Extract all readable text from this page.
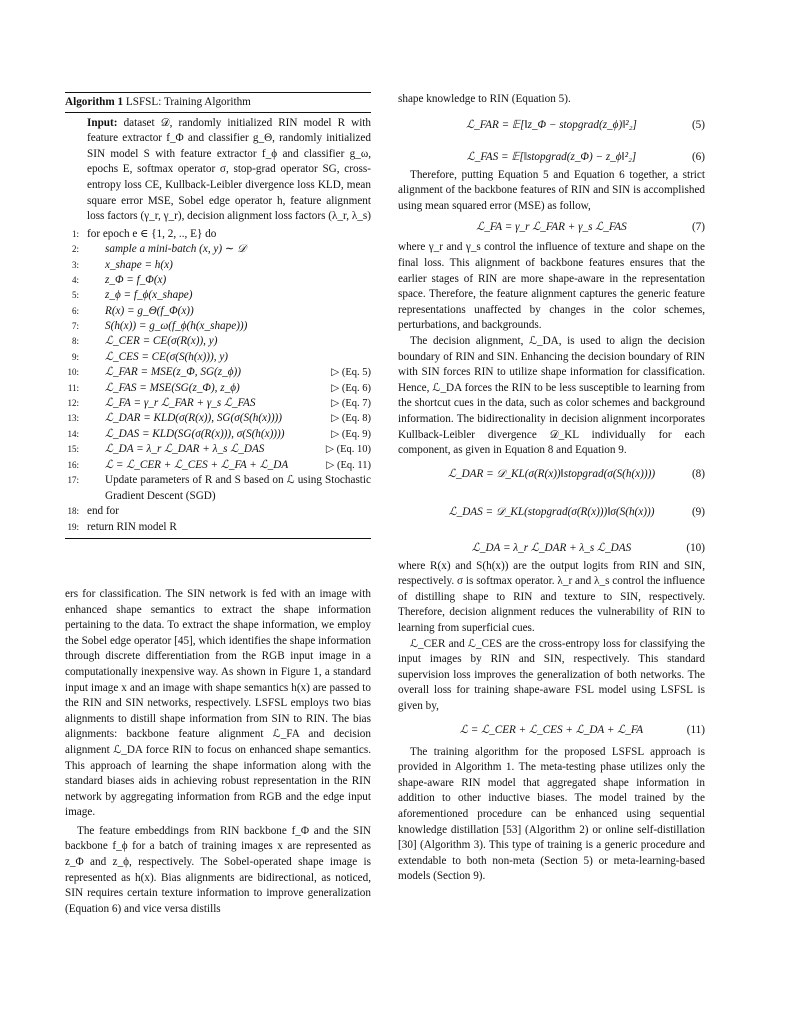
Algorithm 1 LSFSL: Training Algorithm
Input: dataset 𝒟, randomly initialized RIN model R with feature extractor f_Φ and classifier g_Θ, randomly initialized SIN model S with feature extractor f_ϕ and classifier g_ω, epochs E, softmax operator σ, stop-grad operator SG, cross-entropy loss CE, Kullback-Leibler divergence loss KLD, mean square error MSE, Sobel edge operator h, feature alignment loss factors (γ_r, γ_r), decision alignment loss factors (λ_r, λ_s)
1: for epoch e ∈ {1, 2, .., E} do
2: sample a mini-batch (x, y) ∼ 𝒟
3: x_shape = h(x)
4: z_Φ = f_Φ(x)
5: z_ϕ = f_ϕ(x_shape)
6: R(x) = g_Θ(f_Φ(x))
7: S(h(x)) = g_ω(f_ϕ(h(x_shape)))
8: ℒ_CER = CE(σ(R(x)), y)
9: ℒ_CES = CE(σ(S(h(x))), y)
10: ℒ_FAR = MSE(z_Φ, SG(z_ϕ))	▷ (Eq. 5)
11: ℒ_FAS = MSE(SG(z_Φ), z_ϕ)	▷ (Eq. 6)
12: ℒ_FA = γ_r ℒ_FAR + γ_s ℒ_FAS	▷ (Eq. 7)
13: ℒ_DAR = KLD(σ(R(x)), SG(σ(S(h(x))))	▷ (Eq. 8)
14: ℒ_DAS = KLD(SG(σ(R(x))), σ(S(h(x))))	▷ (Eq. 9)
15: ℒ_DA = λ_r ℒ_DAR + λ_s ℒ_DAS	▷ (Eq. 10)
16: ℒ = ℒ_CER + ℒ_CES + ℒ_FA + ℒ_DA	▷ (Eq. 11)
17: Update parameters of R and S based on ℒ using Stochastic Gradient Descent (SGD)
18: end for
19: return RIN model R

ers for classification. The SIN network is fed with an image with enhanced shape semantics to extract the shape information pertaining to the data. To extract the shape information, we employ the Sobel edge operator [45], which identifies the shape information through discrete differentiation from the RGB input image in a computationally inexpensive way. As shown in Figure 1, a standard input image x and an image with shape semantics h(x) are passed to the RIN and SIN networks, respectively. LSFSL employs two bias alignments to distill shape information from SIN to RIN. The bias alignments: backbone feature alignment ℒ_FA and decision alignment ℒ_DA force RIN to focus on enhanced shape semantics. This approach of learning the shape information along with the standard biases aids in achieving robust representation in the RIN network by aggregating information from RGB and the edge input image.

The feature embeddings from RIN backbone f_Φ and the SIN backbone f_ϕ for a batch of training images x are represented as z_Φ and z_ϕ, respectively. The Sobel-operated shape image is represented as h(x). Bias alignments are bidirectional, as noticed, SIN requires certain texture information to improve generalization (Equation 6) and vice versa distills

shape knowledge to RIN (Equation 5).

ℒ_FAR = 𝔼[‖z_Φ − stopgrad(z_ϕ)‖²₂]	(5)
ℒ_FAS = 𝔼[‖stopgrad(z_Φ) − z_ϕ‖²₂]	(6)

Therefore, putting Equation 5 and Equation 6 together, a strict alignment of the backbone features of RIN and SIN is accomplished using mean squared error (MSE) as follow,

ℒ_FA = γ_r ℒ_FAR + γ_s ℒ_FAS	(7)

where γ_r and γ_s control the influence of texture and shape on the final loss. This alignment of backbone features ensures that the earlier stages of RIN are more shape-aware in the representation space. Therefore, the feature alignment captures the generic feature representations unaffected by changes in the color schemes, perturbations, and backgrounds.

The decision alignment, ℒ_DA, is used to align the decision boundary of RIN and SIN. Enhancing the decision boundary of RIN with SIN forces RIN to utilize shape information for classification. Hence, ℒ_DA forces the RIN to be less susceptible to learning from the shortcut cues in the data, such as color schemes and background information. The bidirectionality in decision alignment incorporates Kullback-Leibler divergence 𝒟_KL individually for each component, as given in Equation 8 and Equation 9.

ℒ_DAR = 𝒟_KL(σ(R(x))‖stopgrad(σ(S(h(x))))	(8)
ℒ_DAS = 𝒟_KL(stopgrad(σ(R(x)))‖σ(S(h(x)))	(9)
ℒ_DA = λ_r ℒ_DAR + λ_s ℒ_DAS	(10)

where R(x) and S(h(x)) are the output logits from RIN and SIN, respectively. σ is softmax operator. λ_r and λ_s control the influence of distilling shape to RIN and texture to SIN, respectively. Therefore, decision alignment reduces the vulnerability of RIN to learning from superficial cues.

ℒ_CER and ℒ_CES are the cross-entropy loss for classifying the input images by RIN and SIN, respectively. This standard supervision loss improves the generalization of both networks. The overall loss for training shape-aware FSL model using LSFSL is given by,

ℒ = ℒ_CER + ℒ_CES + ℒ_DA + ℒ_FA	(11)

The training algorithm for the proposed LSFSL approach is provided in Algorithm 1. The meta-testing phase utilizes only the shape-aware RIN model that aggregated shape information in addition to other inductive biases. The model trained by the aforementioned procedure can be enhanced using sequential knowledge distillation [53] (Algorithm 2) or online self-distillation [30] (Algorithm 3). This type of training is a generic procedure and extendable to both non-meta (Section 5) or meta-learning-based models (Section 9).
